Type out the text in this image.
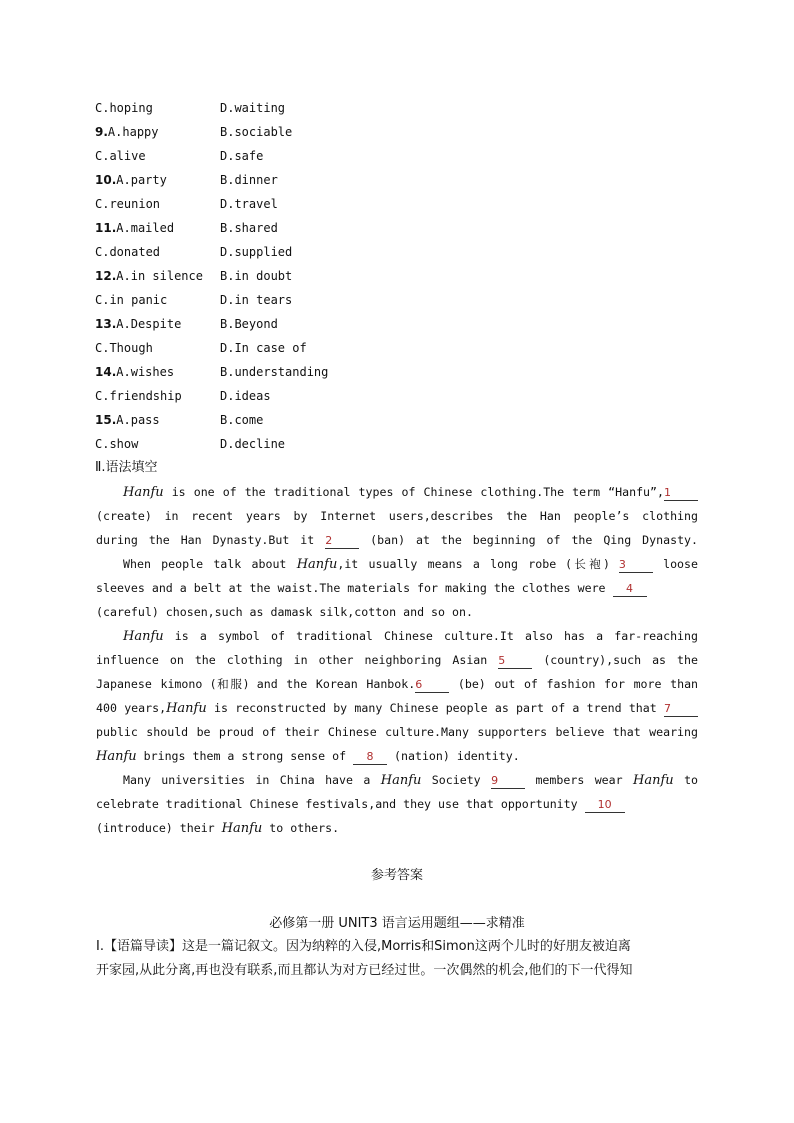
C.hoping	D.waiting
9.A.happy	B.sociable
C.alive	D.safe
10.A.party	B.dinner
C.reunion	D.travel
11.A.mailed	B.shared
C.donated	D.supplied
12.A.in silence B.in doubt
C.in panic	D.in tears
13.A.Despite	B.Beyond
C.Though	D.In case of
14.A.wishes	B.understanding
C.friendship	D.ideas
15.A.pass	B.come
C.show	D.decline
Ⅱ.语法填空
Hanfu is one of the traditional types of Chinese clothing.The term “Hanfu”,1
(create) in recent years by Internet users,describes the Han people’s clothing
during the Han Dynasty.But it 2	(ban) at the beginning of the Qing Dynasty.
When people talk about Hanfu,it usually means a long robe (长袍) 3	loose
sleeves and a belt at the waist.The materials for making the clothes were 4
(careful) chosen,such as damask silk,cotton and so on.
Hanfu is a symbol of traditional Chinese culture.It also has a far-reaching
influence on the clothing in other neighboring Asian 5	(country),such as the
Japanese kimono (和服) and the Korean Hanbok.6	(be) out of fashion for more than
400 years,Hanfu is reconstructed by many Chinese people as part of a trend that 7
public should be proud of their Chinese culture.Many supporters believe that wearing
Hanfu brings them a strong sense of 8 (nation) identity.
Many universities in China have a Hanfu Society 9	members wear Hanfu to
celebrate traditional Chinese festivals,and they use that opportunity 10
(introduce) their Hanfu to others.
参考答案
必修第一册 UNIT3 语言运用题组——求精准
Ⅰ.【语篇导读】这是一篇记叙文。因为纳粹的入侵,Morris和Simon这两个儿时的好朋友被迫离
开家园,从此分离,再也没有联系,而且都认为对方已经过世。一次偶然的机会,他们的下一代得知
